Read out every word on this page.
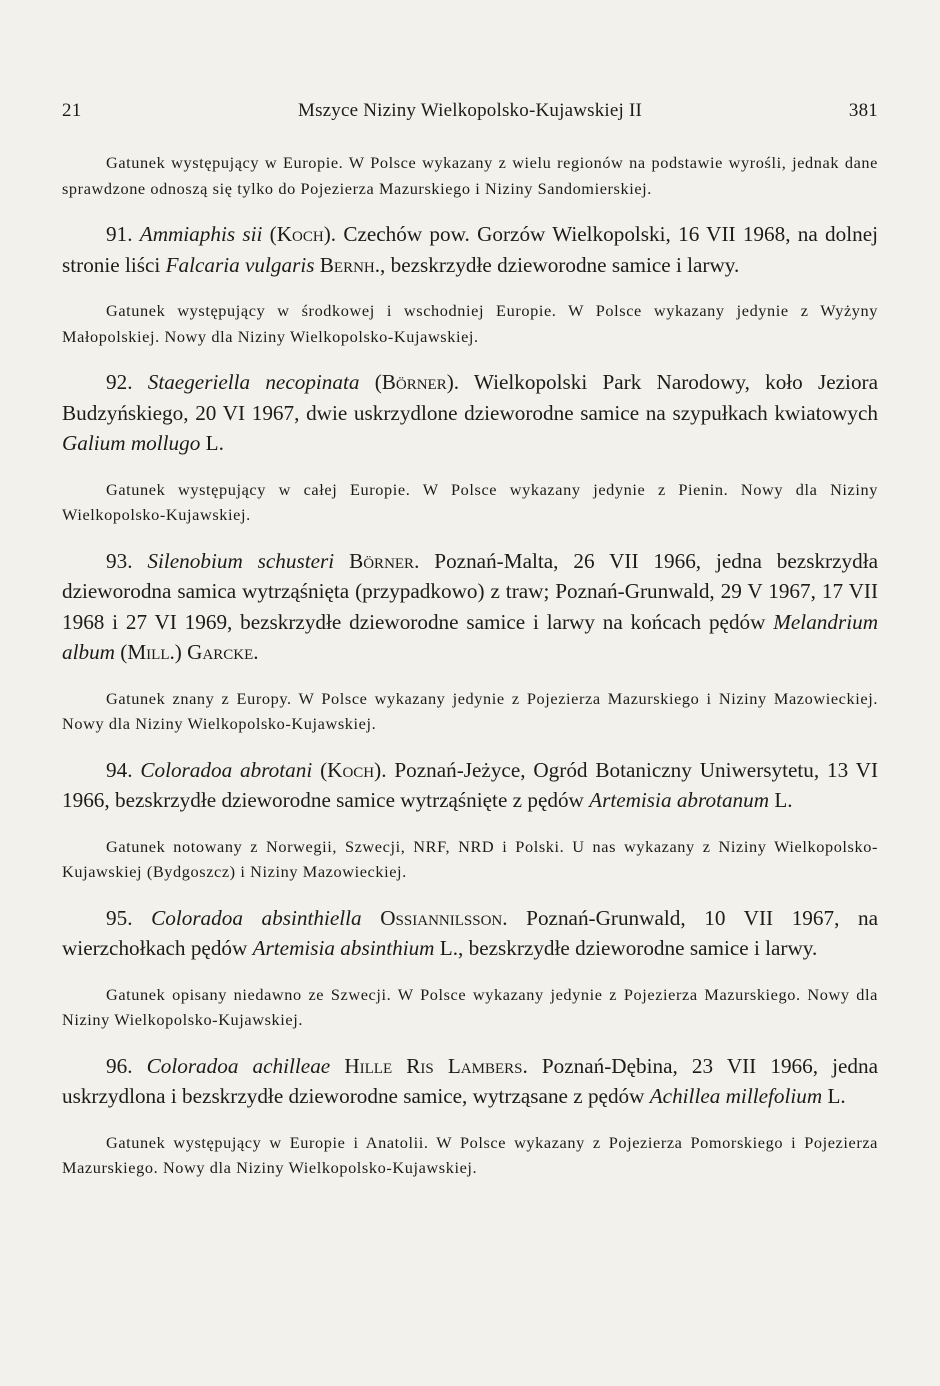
21	Mszyce Niziny Wielkopolsko-Kujawskiej II	381

Gatunek występujący w Europie. W Polsce wykazany z wielu regionów na podstawie wyrośli, jednak dane sprawdzone odnoszą się tylko do Pojezierza Mazurskiego i Niziny Sandomierskiej.

91. Ammiaphis sii (Koch). Czechów pow. Gorzów Wielkopolski, 16 VII 1968, na dolnej stronie liści Falcaria vulgaris Bernh., bezskrzydłe dzieworodne samice i larwy.

Gatunek występujący w środkowej i wschodniej Europie. W Polsce wykazany jedynie z Wyżyny Małopolskiej. Nowy dla Niziny Wielkopolsko-Kujawskiej.

92. Staegeriella necopinata (Börner). Wielkopolski Park Narodowy, koło Jeziora Budzyńskiego, 20 VI 1967, dwie uskrzydlone dzieworodne samice na szypułkach kwiatowych Galium mollugo L.

Gatunek występujący w całej Europie. W Polsce wykazany jedynie z Pienin. Nowy dla Niziny Wielkopolsko-Kujawskiej.

93. Silenobium schusteri Börner. Poznań-Malta, 26 VII 1966, jedna bezskrzydła dzieworodna samica wytrząśnięta (przypadkowo) z traw; Poznań-Grunwald, 29 V 1967, 17 VII 1968 i 27 VI 1969, bezskrzydłe dzieworodne samice i larwy na końcach pędów Melandrium album (Mill.) Garcke.

Gatunek znany z Europy. W Polsce wykazany jedynie z Pojezierza Mazurskiego i Niziny Mazowieckiej. Nowy dla Niziny Wielkopolsko-Kujawskiej.

94. Coloradoa abrotani (Koch). Poznań-Jeżyce, Ogród Botaniczny Uniwersytetu, 13 VI 1966, bezskrzydłe dzieworodne samice wytrząśnięte z pędów Artemisia abrotanum L.

Gatunek notowany z Norwegii, Szwecji, NRF, NRD i Polski. U nas wykazany z Niziny Wielkopolsko-Kujawskiej (Bydgoszcz) i Niziny Mazowieckiej.

95. Coloradoa absinthiella Ossiannilsson. Poznań-Grunwald, 10 VII 1967, na wierzchołkach pędów Artemisia absinthium L., bezskrzydłe dzieworodne samice i larwy.

Gatunek opisany niedawno ze Szwecji. W Polsce wykazany jedynie z Pojezierza Mazurskiego. Nowy dla Niziny Wielkopolsko-Kujawskiej.

96. Coloradoa achilleae Hille Ris Lambers. Poznań-Dębina, 23 VII 1966, jedna uskrzydlona i bezskrzydłe dzieworodne samice, wytrząsane z pędów Achillea millefolium L.

Gatunek występujący w Europie i Anatolii. W Polsce wykazany z Pojezierza Pomorskiego i Pojezierza Mazurskiego. Nowy dla Niziny Wielkopolsko-Kujawskiej.
